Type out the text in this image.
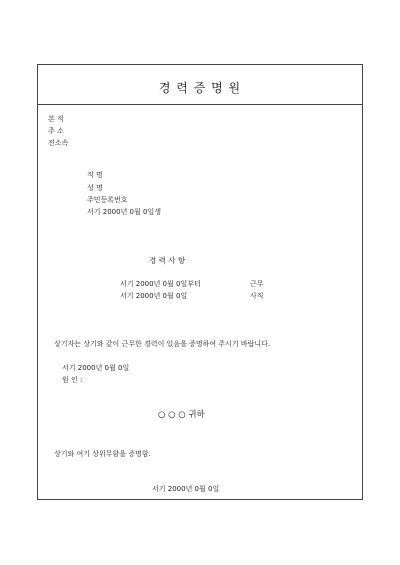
경 력 증 명 원
본 적
주 소
전소속
직 명
성 명
주민등록번호
서기 2000년 0월 0일생
경 력 사 항
서기 2000년 0월 0일부터	근무
서기 2000년 0월 0일	사직
상기자는 상기와 같이 근무한 경력이 있음을 증명하여 주시기 바랍니다.
서기 2000년 0월 0일
원 인 :
○ ○ ○ 귀하
상기와 여기 상위무함을 증명함.
서기 2000년 0월 0일
